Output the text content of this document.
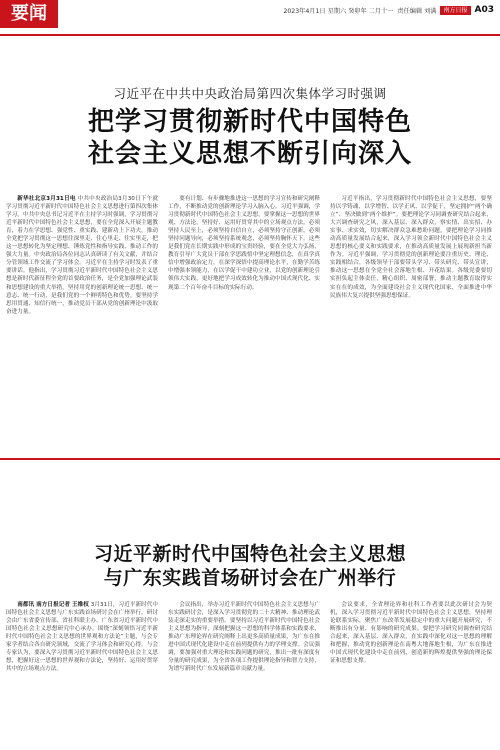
要闻	2023年4月1日 星期六 癸卯年 二月十一 责任编辑 刘满	南方日报 A03
习近平在中共中央政治局第四次集体学习时强调
把学习贯彻新时代中国特色
社会主义思想不断引向深入

新华社北京3月31日电 中共中央政治局3月30日下午就学习贯彻习近平新时代中国特色社会主义思想进行第四次集体学习。中共中央总书记习近平在主持学习时强调，学习贯彻习近平新时代中国特色社会主义思想，要在全党深入开展主题教育，着力在学思想、强党性、重实践、建新功上下功夫，推动全党把学习贯彻这一思想往深里走、往心里走、往实里走，把这一思想转化为坚定理想、锤炼党性和指导实践、推动工作的强大力量。中央政治局各位同志认真研读了有关文献，并结合分管领域工作交流了学习体会。习近平在主持学习时发表了重要讲话。他指出，学习贯彻习近平新时代中国特色社会主义思想是新时代新征程全党的首要政治任务，是全党加强理论武装和思想建设的重大举措。坚持用党的创新理论统一思想、统一意志、统一行动，是我们党的一个鲜明特色和优势。要坚持学思用贯通、知信行统一，推动党员干部从党的创新理论中汲取奋进力量。

要有计划、有步骤地推进这一思想的学习宣传和研究阐释工作，不断推动党的创新理论学习入脑入心。习近平强调，学习贯彻新时代中国特色社会主义思想，要掌握这一思想的世界观、方法论，坚持好、运用好贯穿其中的立场观点方法。必须坚持人民至上，必须坚持自信自立，必须坚持守正创新，必须坚持问题导向，必须坚持系统观念，必须坚持胸怀天下。这些是我们党在长期实践中形成的宝贵经验，要在全党大力弘扬，教育引导广大党员干部在学思践悟中坚定理想信念，在真学真信中增强政治定力，在深学深悟中提高理论水平，在勤学苦练中增强本领能力，在以学促干中建功立业，以党的创新理论引领伟大实践，更好地把学习成效转化为推动中国式现代化、实现第二个百年奋斗目标的实际行动。

习近平指出，学习贯彻新时代中国特色社会主义思想，要坚持以学铸魂、以学增智、以学正风、以学促干，坚定拥护“两个确立”、坚决做到“两个维护”。要把理论学习同调查研究结合起来，大兴调查研究之风，深入基层、深入群众，察实情、出实招、办实事、求实效，切实解决群众急难愁盼问题。要把理论学习同推动高质量发展结合起来，深入学习领会新时代中国特色社会主义思想的核心要义和实践要求，在推动高质量发展上展现新担当新作为。习近平强调，学习贯彻党的创新理论要注重历史、理论、实践相结合，各级领导干部要带头学习、带头研究、带头宣讲，推动这一思想在全党全社会落地生根、开花结果。各级党委要切实担负起主体责任，精心组织、周密部署，推动主题教育取得实实在在的成效，为全面建设社会主义现代化国家、全面推进中华民族伟大复兴提供坚强思想保证。

习近平新时代中国特色社会主义思想
与广东实践首场研讨会在广州举行

南都讯 南方日报记者 王维权 3月31日，习近平新时代中国特色社会主义思想与广东实践首场研讨会在广州举行。研讨会由广东省委宣传部、省社科联主办，广东省习近平新时代中国特色社会主义思想研究中心承办。围绕“深刻领悟习近平新时代中国特色社会主义思想的世界观和方法论”主题，与会专家学者结合各自研究领域，交流了学习体会和研究心得。与会专家认为，要深入学习贯彻习近平新时代中国特色社会主义思想，把握好这一思想的世界观和方法论，坚持好、运用好贯穿其中的立场观点方法。

会议指出，举办习近平新时代中国特色社会主义思想与广东实践研讨会，是深入学习贯彻党的二十大精神、推动理论武装走深走实的重要举措。要坚持以习近平新时代中国特色社会主义思想为指导，深刻把握这一思想的科学体系和实践要求，推动广东理论界在研究阐释上出更多高质量成果，为广东在推进中国式现代化建设中走在前列提供有力的学理支撑。会议强调，要加强对重大理论和实践问题的研究，推出一批有深度有分量的研究成果，为全省各项工作提供理论指导和智力支持，为谱写新时代广东发展新篇章贡献力量。

会议要求，全省理论界和社科工作者要以此次研讨会为契机，深入学习贯彻习近平新时代中国特色社会主义思想，坚持理论联系实际，聚焦广东改革发展稳定中的重大问题开展研究，不断推出有分量、有影响的研究成果。要把学习研究同调查研究结合起来，深入基层、深入群众，在实践中深化对这一思想的理解和把握，推动党的创新理论在南粤大地落地生根，为广东在推进中国式现代化建设中走在前列、创造新的辉煌提供坚强的理论保证和思想支撑。
